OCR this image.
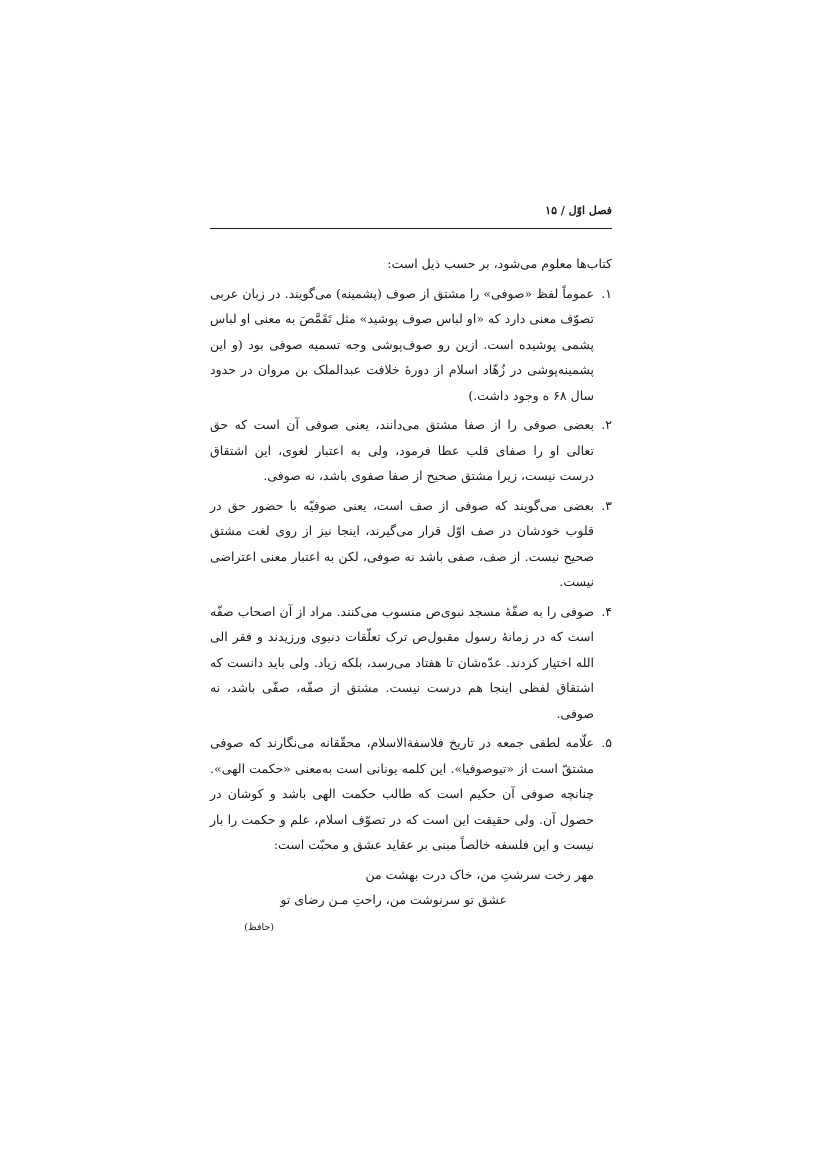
فصل اوّل / ۱۵
کتاب‌ها معلوم می‌شود، بر حسب ذیل است:
۱.
عموماً لفظ «صوفی» را مشتق از صوف (پشمینه) می‌گویند. در زبان عربی تصوّف معنی دارد که «او لباس صوف پوشید» مثل تَقَمَّصَ به معنی او لباس پشمی پوشیده است. ازین رو صوف‌پوشی وجه تسمیه صوفی بود (و این پشمینه‌پوشی در زُهّاد اسلام از دورهٔ خلافت عبدالملک بن مروان در حدود سال ۶۸ ه وجود داشت.)
۲.
بعضی صوفی را از صفا مشتق می‌دانند، یعنی صوفی آن است که حق تعالی او را صفای قلب عطا فرمود، ولی به اعتبار لغوی، این اشتقاق درست نیست، زیرا مشتق صحیح از صفا صفوی باشد، نه صوفی.
۳.
بعضی می‌گویند که صوفی از صف است، یعنی صوفیّه با حضور حق در قلوب خودشان در صف اوّل قرار می‌گیرند، اینجا نیز از روی لغت مشتق صحیح نیست. از صف، صفی باشد نه صوفی، لکن به اعتبار معنی اعتراضی نیست.
۴.
صوفی را به صفّهٔ مسجد نبوی‌ص منسوب می‌کنند. مراد از آن اصحاب صفّه است که در زمانهٔ رسول مقبول‌ص ترک تعلّقات دنیوی ورزیدند و فقر الی الله اختیار کردند. عدّه‌شان تا هفتاد می‌رسد، بلکه زیاد. ولی باید دانست که اشتقاق لفظی اینجا هم درست نیست. مشتق از صفّه، صفّی باشد، نه صوفی.
۵.
علّامه لطفی جمعه در تاریخ فلاسفةالاسلام، محقّقانه می‌نگارند که صوفی مشتقّ است از «تیوصوفیا». این کلمه یونانی است به‌معنی «حکمت الهی». چنانچه صوفی آن حکیم است که طالب حکمت الهی باشد و کوشان در حصول آن. ولی حقیقت این است که در تصوّف اسلام، علم و حکمت را بار نیست و این فلسفه خالصاً مبنی بر عقاید عشق و محبّت است:
مهر رخت سرشتِ من، خاک درت بهشت من
عشق تو سرنوشت من، راحتِ مـن رضای تو
(حافظ)
